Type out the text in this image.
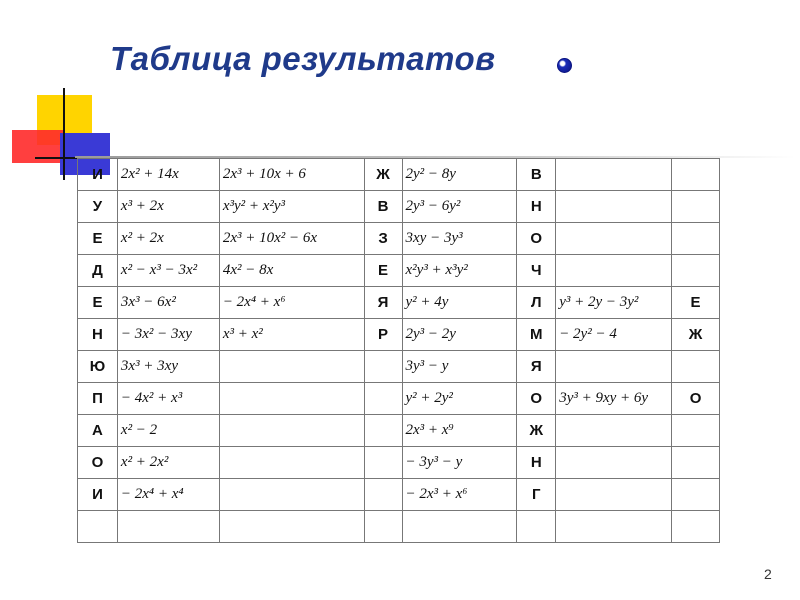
Таблица результатов
И	2x² + 14x	2x³ + 10x + 6	Ж	2y² − 8y	В		
У	x³ + 2x	x³y² + x²y³	В	2y³ − 6y²	Н		
Е	x² + 2x	2x³ + 10x² − 6x	З	3xy − 3y³	О		
Д	x² − x³ − 3x²	4x² − 8x	Е	x²y³ + x³y²	Ч		
Е	3x³ − 6x²	− 2x⁴ + x⁶	Я	y² + 4y	Л	y³ + 2y − 3y²	Е
Н	− 3x² − 3xy	x³ + x²	Р	2y³ − 2y	М	− 2y² − 4	Ж
Ю	3x³ + 3xy			3y³ − y	Я		
П	− 4x² + x³			y² + 2y²	О	3y³ + 9xy + 6y	О
А	x² − 2			2x³ + x⁹	Ж		
О	x² + 2x²			− 3y³ − y	Н		
И	− 2x⁴ + x⁴			− 2x³ + x⁶	Г		

2
